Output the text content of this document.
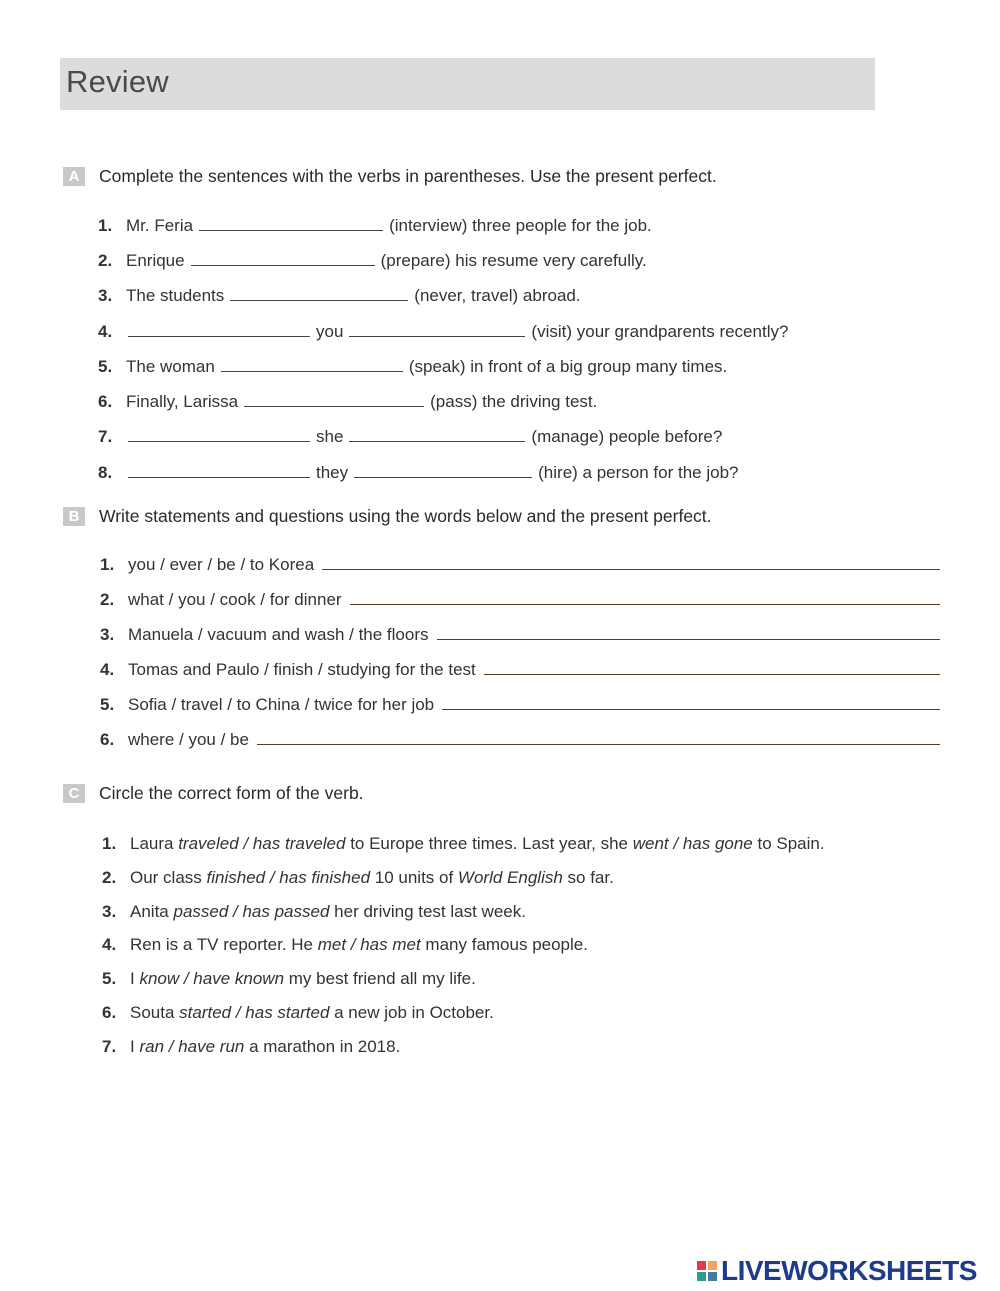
Review
A	Complete the sentences with the verbs in parentheses. Use the present perfect.
1. Mr. Feria	(interview) three people for the job.
2. Enrique	(prepare) his resume very carefully.
3. The students	(never, travel) abroad.
4.	you	(visit) your grandparents recently?
5. The woman	(speak) in front of a big group many times.
6. Finally, Larissa	(pass) the driving test.
7.	she	(manage) people before?
8.	they	(hire) a person for the job?
B	Write statements and questions using the words below and the present perfect.
1. you / ever / be / to Korea
2. what / you / cook / for dinner
3. Manuela / vacuum and wash / the floors
4. Tomas and Paulo / finish / studying for the test
5. Sofia / travel / to China / twice for her job
6. where / you / be
C	Circle the correct form of the verb.
1. Laura traveled / has traveled to Europe three times. Last year, she went / has gone to Spain.
2. Our class finished / has finished 10 units of World English so far.
3. Anita passed / has passed her driving test last week.
4. Ren is a TV reporter. He met / has met many famous people.
5. I know / have known my best friend all my life.
6. Souta started / has started a new job in October.
7. I ran / have run a marathon in 2018.
LIVEWORKSHEETS
